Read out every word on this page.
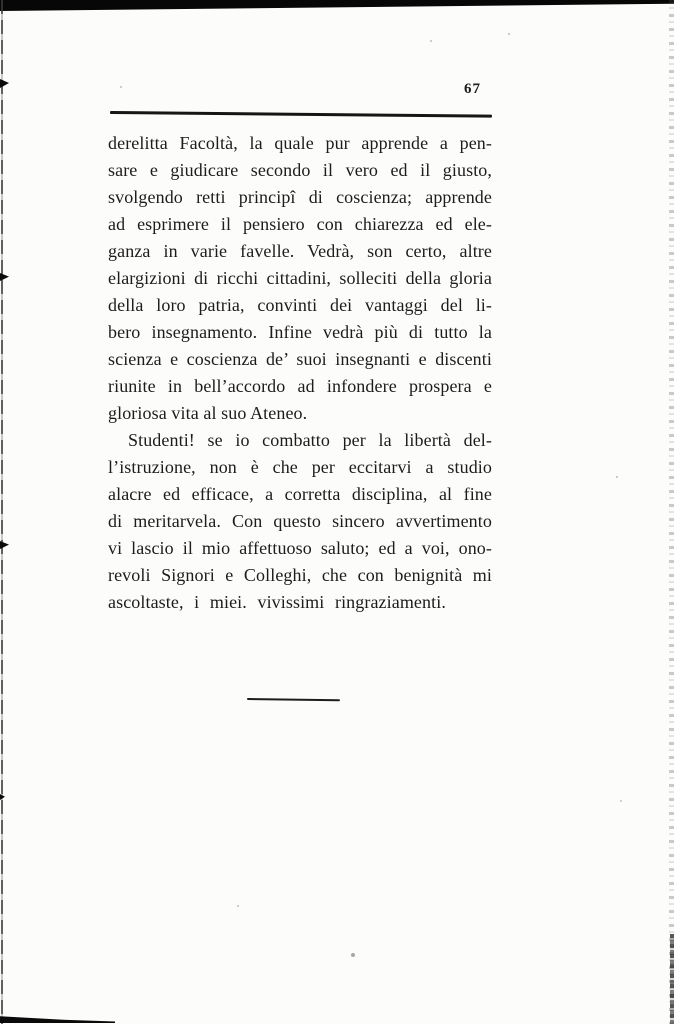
67
derelitta Facoltà, la quale pur apprende a pen-
sare e giudicare secondo il vero ed il giusto,
svolgendo retti principî di coscienza; apprende
ad esprimere il pensiero con chiarezza ed ele-
ganza in varie favelle. Vedrà, son certo, altre
elargizioni di ricchi cittadini, solleciti della gloria
della loro patria, convinti dei vantaggi del li-
bero insegnamento. Infine vedrà più di tutto la
scienza e coscienza de’ suoi insegnanti e discenti
riunite in bell’accordo ad infondere prospera e
gloriosa vita al suo Ateneo.
Studenti! se io combatto per la libertà del-
l’istruzione, non è che per eccitarvi a studio
alacre ed efficace, a corretta disciplina, al fine
di meritarvela. Con questo sincero avvertimento
vi lascio il mio affettuoso saluto; ed a voi, ono-
revoli Signori e Colleghi, che con benignità mi
ascoltaste, i miei. vivissimi ringraziamenti.
